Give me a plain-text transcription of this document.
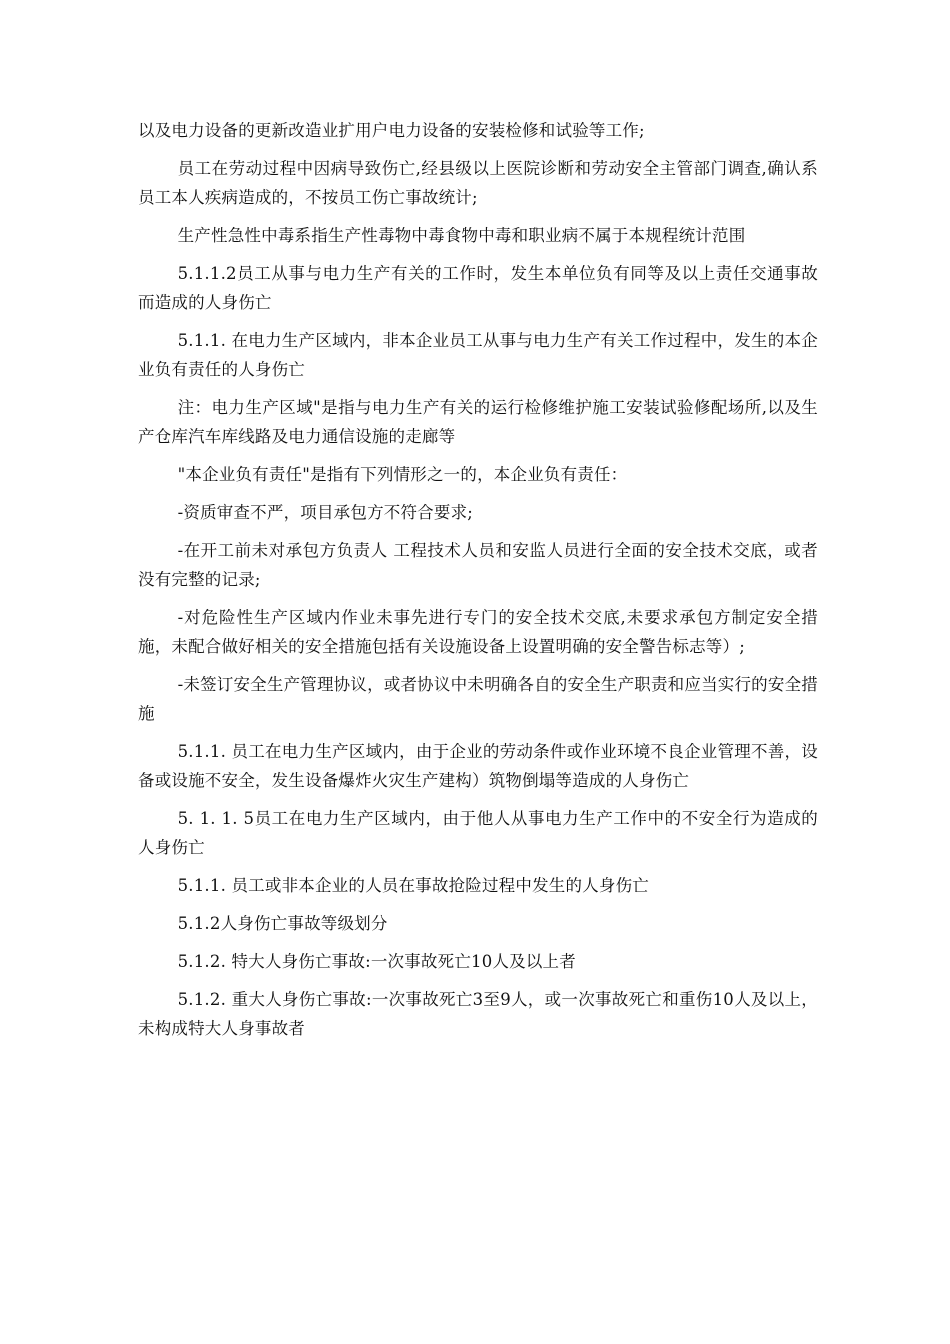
以及电力设备的更新改造业扩用户电力设备的安装检修和试验等工作;

员工在劳动过程中因病导致伤亡,经县级以上医院诊断和劳动安全主管部门调查,确认系员工本人疾病造成的，不按员工伤亡事故统计;

生产性急性中毒系指生产性毒物中毒食物中毒和职业病不属于本规程统计范围

5.1.1.2员工从事与电力生产有关的工作时，发生本单位负有同等及以上责任交通事故而造成的人身伤亡

5.1.1. 在电力生产区域内，非本企业员工从事与电力生产有关工作过程中，发生的本企业负有责任的人身伤亡

注：电力生产区域"是指与电力生产有关的运行检修维护施工安装试验修配场所,以及生产仓库汽车库线路及电力通信设施的走廊等

"本企业负有责任"是指有下列情形之一的，本企业负有责任：

-资质审查不严，项目承包方不符合要求;

-在开工前未对承包方负责人 工程技术人员和安监人员进行全面的安全技术交底，或者没有完整的记录;

-对危险性生产区域内作业未事先进行专门的安全技术交底,未要求承包方制定安全措施，未配合做好相关的安全措施包括有关设施设备上设置明确的安全警告标志等）;

-未签订安全生产管理协议，或者协议中未明确各自的安全生产职责和应当实行的安全措施

5.1.1. 员工在电力生产区域内，由于企业的劳动条件或作业环境不良企业管理不善，设备或设施不安全，发生设备爆炸火灾生产建构）筑物倒塌等造成的人身伤亡

5. 1. 1. 5员工在电力生产区域内，由于他人从事电力生产工作中的不安全行为造成的人身伤亡

5.1.1. 员工或非本企业的人员在事故抢险过程中发生的人身伤亡

5.1.2人身伤亡事故等级划分

5.1.2. 特大人身伤亡事故:一次事故死亡10人及以上者

5.1.2. 重大人身伤亡事故:一次事故死亡3至9人，或一次事故死亡和重伤10人及以上，未构成特大人身事故者
